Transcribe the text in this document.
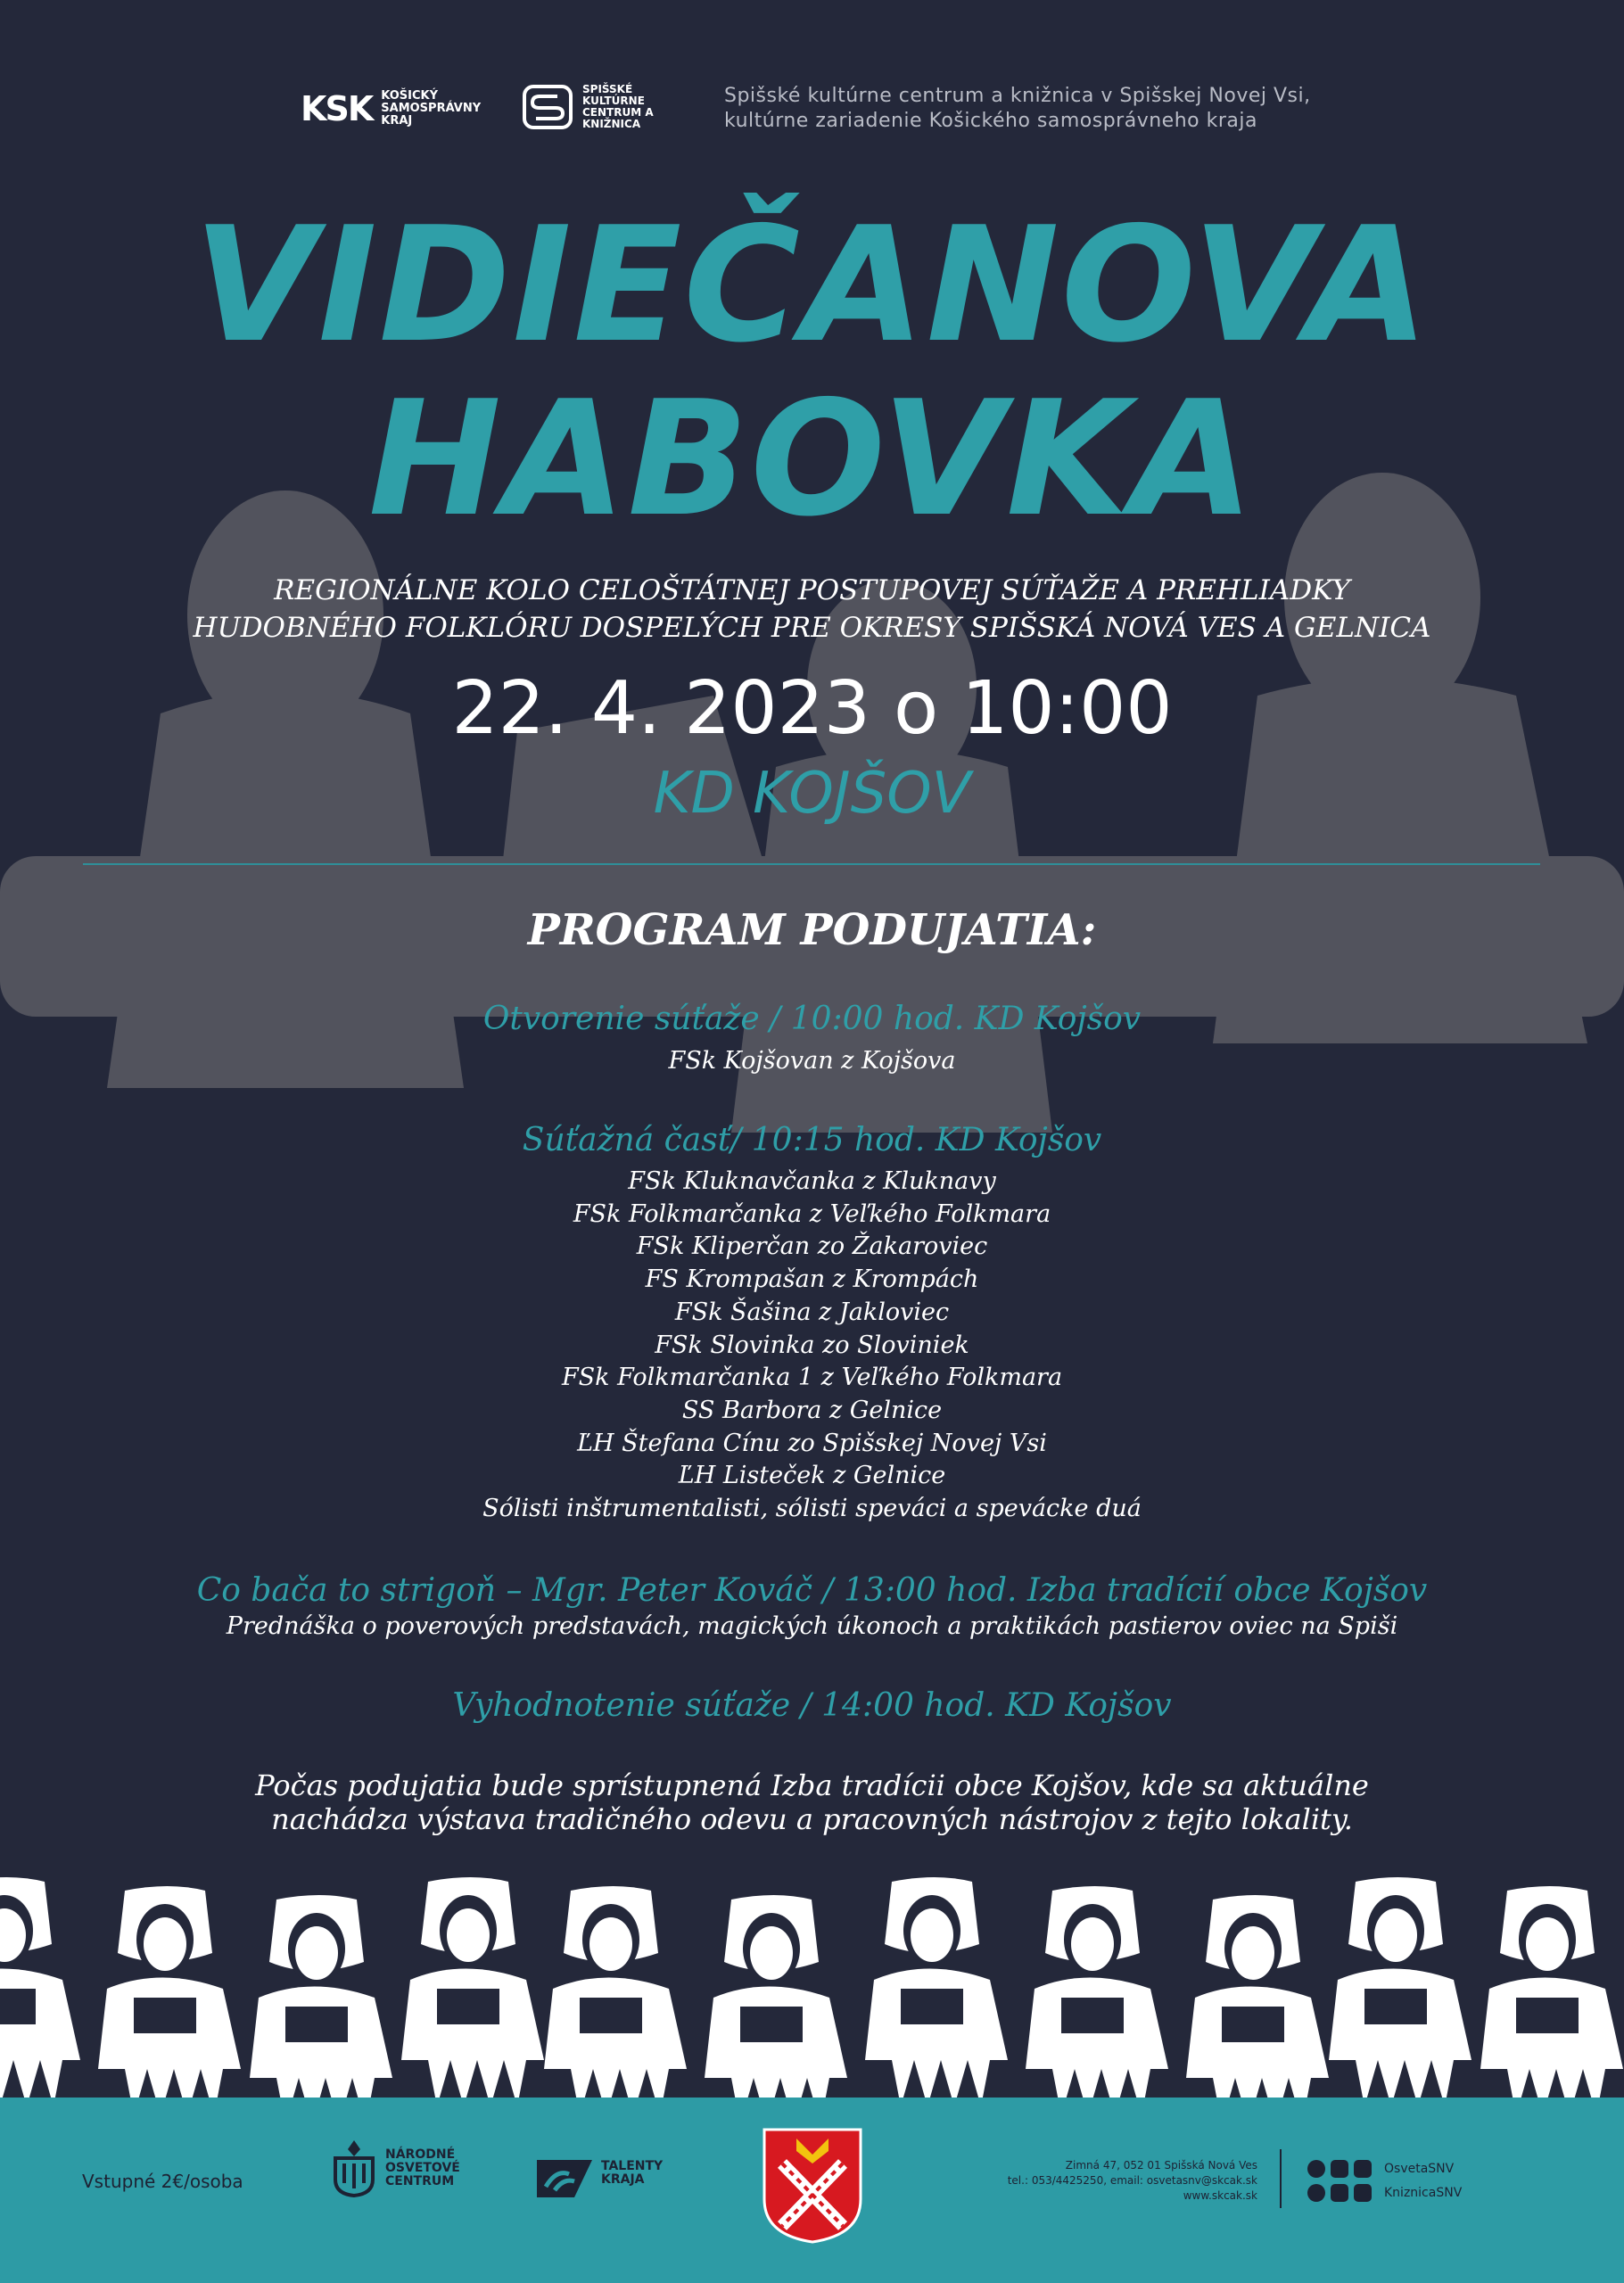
KSK KOŠICKÝ SAMOSPRÁVNY KRAJ
SPIŠSKÉ KULTÚRNE CENTRUM A KNIŽNICA
Spišské kultúrne centrum a knižnica v Spišskej Novej Vsi,
kultúrne zariadenie Košického samosprávneho kraja
VIDIEČANOVA
HABOVKA
REGIONÁLNE KOLO CELOŠTÁTNEJ POSTUPOVEJ SÚŤAŽE A PREHLIADKY
HUDOBNÉHO FOLKLÓRU DOSPELÝCH PRE OKRESY SPIŠSKÁ NOVÁ VES A GELNICA
22. 4. 2023 o 10:00
KD KOJŠOV
PROGRAM PODUJATIA:
Otvorenie súťaže / 10:00 hod. KD Kojšov
FSk Kojšovan z Kojšova
Súťažná časť/ 10:15 hod. KD Kojšov
FSk Kluknavčanka z Kluknavy
FSk Folkmarčanka z Veľkého Folkmara
FSk Kliperčan zo Žakaroviec
FS Krompašan z Krompách
FSk Šašina z Jakloviec
FSk Slovinka zo Sloviniek
FSk Folkmarčanka 1 z Veľkého Folkmara
SS Barbora z Gelnice
ĽH Štefana Cínu zo Spišskej Novej Vsi
ĽH Listeček z Gelnice
Sólisti inštrumentalisti, sólisti speváci a spevácke duá
Co bača to strigoň – Mgr. Peter Kováč / 13:00 hod. Izba tradícií obce Kojšov
Prednáška o poverových predstavách, magických úkonoch a praktikách pastierov oviec na Spiši
Vyhodnotenie súťaže / 14:00 hod. KD Kojšov
Počas podujatia bude sprístupnená Izba tradícii obce Kojšov, kde sa aktuálne
nachádza výstava tradičného odevu a pracovných nástrojov z tejto lokality.
Vstupné 2€/osoba
NÁRODNÉ OSVETOVÉ CENTRUM
TALENTY KRAJA
Zimná 47, 052 01 Spišská Nová Ves
tel.: 053/4425250, email: osvetasnv@skcak.sk
www.skcak.sk
OsvetaSNV
KniznicaSNV
